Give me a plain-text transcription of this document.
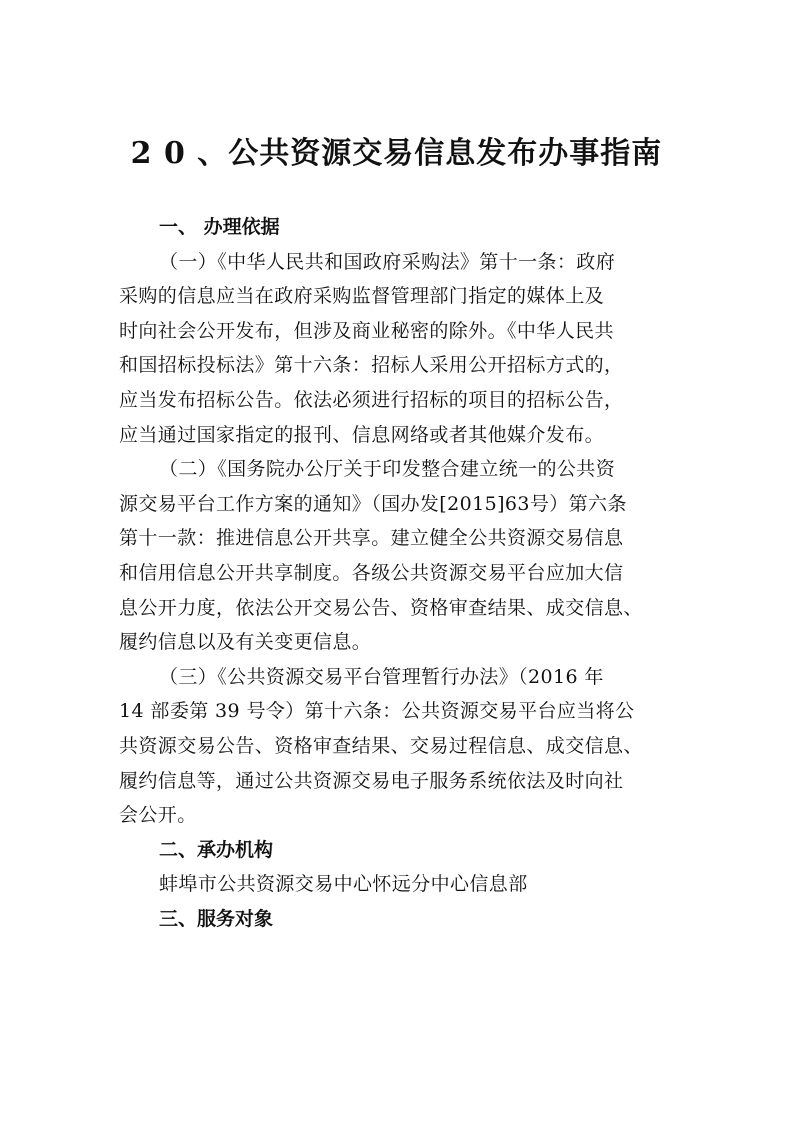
2 0 、公共资源交易信息发布办事指南

一、 办理依据

（一）《中华人民共和国政府采购法》第十一条：政府
采购的信息应当在政府采购监督管理部门指定的媒体上及
时向社会公开发布，但涉及商业秘密的除外。《中华人民共
和国招标投标法》第十六条：招标人采用公开招标方式的，
应当发布招标公告。依法必须进行招标的项目的招标公告，
应当通过国家指定的报刊、信息网络或者其他媒介发布。

（二）《国务院办公厅关于印发整合建立统一的公共资
源交易平台工作方案的通知》（国办发[2015]63号）第六条
第十一款：推进信息公开共享。建立健全公共资源交易信息
和信用信息公开共享制度。各级公共资源交易平台应加大信
息公开力度，依法公开交易公告、资格审查结果、成交信息、
履约信息以及有关变更信息。

（三）《公共资源交易平台管理暂行办法》（2016 年
14 部委第 39 号令）第十六条：公共资源交易平台应当将公
共资源交易公告、资格审查结果、交易过程信息、成交信息、
履约信息等，通过公共资源交易电子服务系统依法及时向社
会公开。

二、承办机构

蚌埠市公共资源交易中心怀远分中心信息部

三、服务对象
